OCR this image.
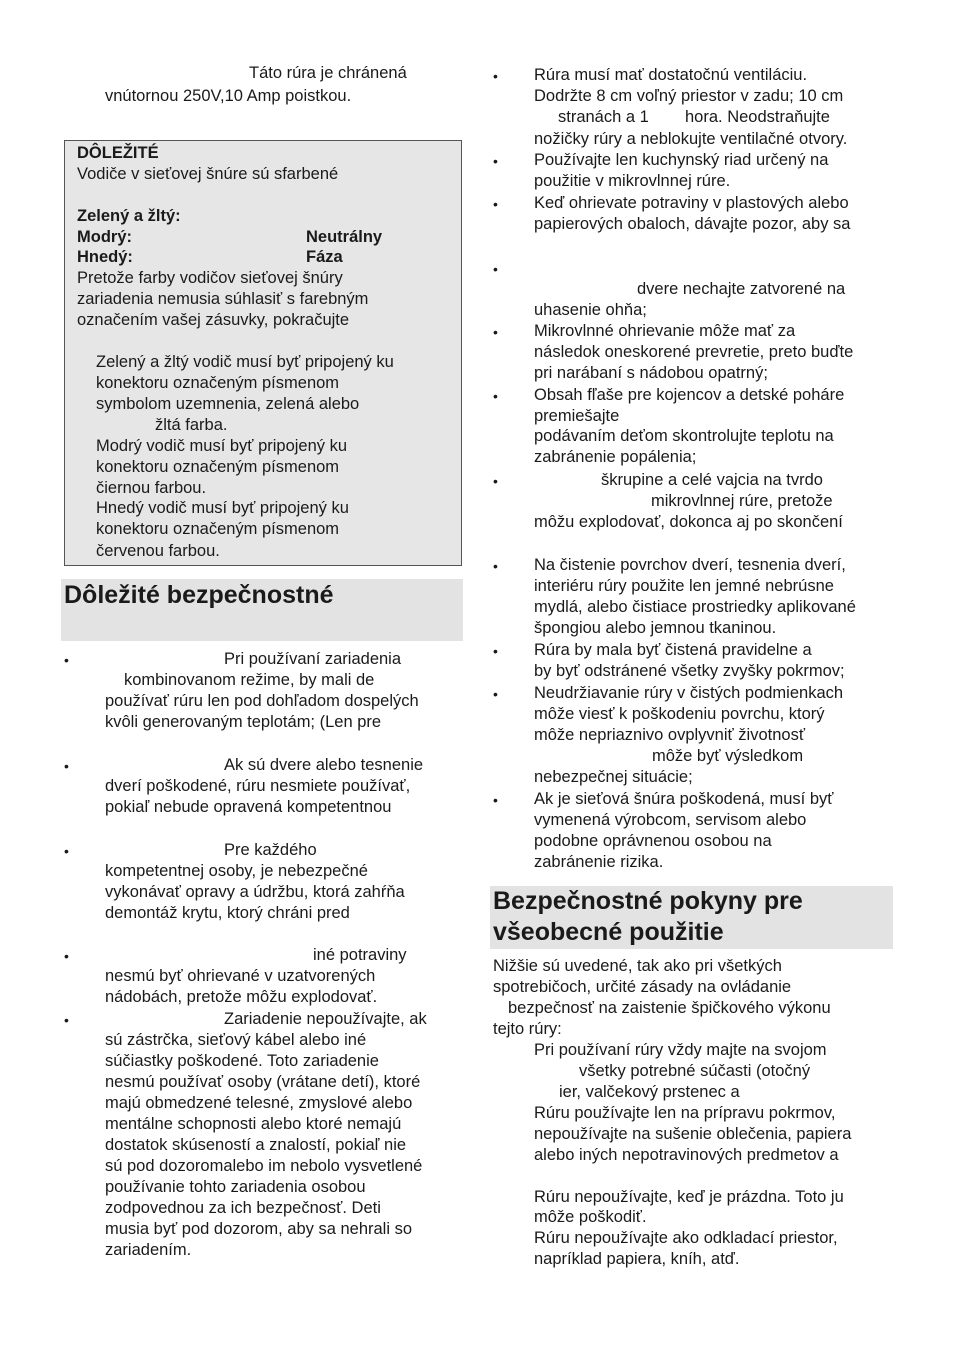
Táto rúra je chránená
vnútornou 250V,10 Amp poistkou.
DÔLEŽITÉ
Vodiče v sieťovej šnúre sú sfarbené
Zelený a žltý:
Modrý:	Neutrálny
Hnedý:	Fáza
Pretože farby vodičov sieťovej šnúry
zariadenia nemusia súhlasiť s farebným
označením vašej zásuvky, pokračujte
Zelený a žltý vodič musí byť pripojený ku
konektoru označeným písmenom
symbolom uzemnenia, zelená alebo
žltá farba.
Modrý vodič musí byť pripojený ku
konektoru označeným písmenom
čiernou farbou.
Hnedý vodič musí byť pripojený ku
konektoru označeným písmenom
červenou farbou.
Dôležité bezpečnostné
•	Pri používaní zariadenia
kombinovanom režime, by mali de
používať rúru len pod dohľadom dospelých
kvôli generovaným teplotám; (Len pre
•	Ak sú dvere alebo tesnenie
dverí poškodené, rúru nesmiete používať,
pokiaľ nebude opravená kompetentnou
•	Pre každého
kompetentnej osoby, je nebezpečné
vykonávať opravy a údržbu, ktorá zahŕňa
demontáž krytu, ktorý chráni pred
•	iné potraviny
nesmú byť ohrievané v uzatvorených
nádobách, pretože môžu explodovať.
•	Zariadenie nepoužívajte, ak
sú zástrčka, sieťový kábel alebo iné
súčiastky poškodené. Toto zariadenie
nesmú používať osoby (vrátane detí), ktoré
majú obmedzené telesné, zmyslové alebo
mentálne schopnosti alebo ktoré nemajú
dostatok skúseností a znalostí, pokiaľ nie
sú pod dozoromalebo im nebolo vysvetlené
používanie tohto zariadenia osobou
zodpovednou za ich bezpečnosť. Deti
musia byť pod dozorom, aby sa nehrali so
zariadením.
• Rúra musí mať dostatočnú ventiláciu.
Dodržte 8 cm voľný priestor v zadu; 10 cm
stranách a 1 hora. Neodstraňujte
nožičky rúry a neblokujte ventilačné otvory.
• Používajte len kuchynský riad určený na
použitie v mikrovlnnej rúre.
• Keď ohrievate potraviny v plastových alebo
papierových obaloch, dávajte pozor, aby sa
•
dvere nechajte zatvorené na
uhasenie ohňa;
• Mikrovlnné ohrievanie môže mať za
následok oneskorené prevretie, preto buďte
pri narábaní s nádobou opatrný;
• Obsah fľaše pre kojencov a detské poháre
premiešajte
podávaním deťom skontrolujte teplotu na
zabránenie popálenia;
•	škrupine a celé vajcia na tvrdo
mikrovlnnej rúre, pretože
môžu explodovať, dokonca aj po skončení
• Na čistenie povrchov dverí, tesnenia dverí,
interiéru rúry použite len jemné nebrúsne
mydlá, alebo čistiace prostriedky aplikované
špongiou alebo jemnou tkaninou.
• Rúra by mala byť čistená pravidelne a
by byť odstránené všetky zvyšky pokrmov;
• Neudržiavanie rúry v čistých podmienkach
môže viesť k poškodeniu povrchu, ktorý
môže nepriaznivo ovplyvniť životnosť
môže byť výsledkom
nebezpečnej situácie;
• Ak je sieťová šnúra poškodená, musí byť
vymenená výrobcom, servisom alebo
podobne oprávnenou osobou na
zabránenie rizika.
Bezpečnostné pokyny pre
všeobecné použitie
Nižšie sú uvedené, tak ako pri všetkých
spotrebičoch, určité zásady na ovládanie
bezpečnosť na zaistenie špičkového výkonu
tejto rúry:
Pri používaní rúry vždy majte na svojom
všetky potrebné súčasti (otočný
ier, valčekový prstenec a
Rúru používajte len na prípravu pokrmov,
nepoužívajte na sušenie oblečenia, papiera
alebo iných nepotravinových predmetov a
Rúru nepoužívajte, keď je prázdna. Toto ju
môže poškodiť.
Rúru nepoužívajte ako odkladací priestor,
napríklad papiera, kníh, atď.
